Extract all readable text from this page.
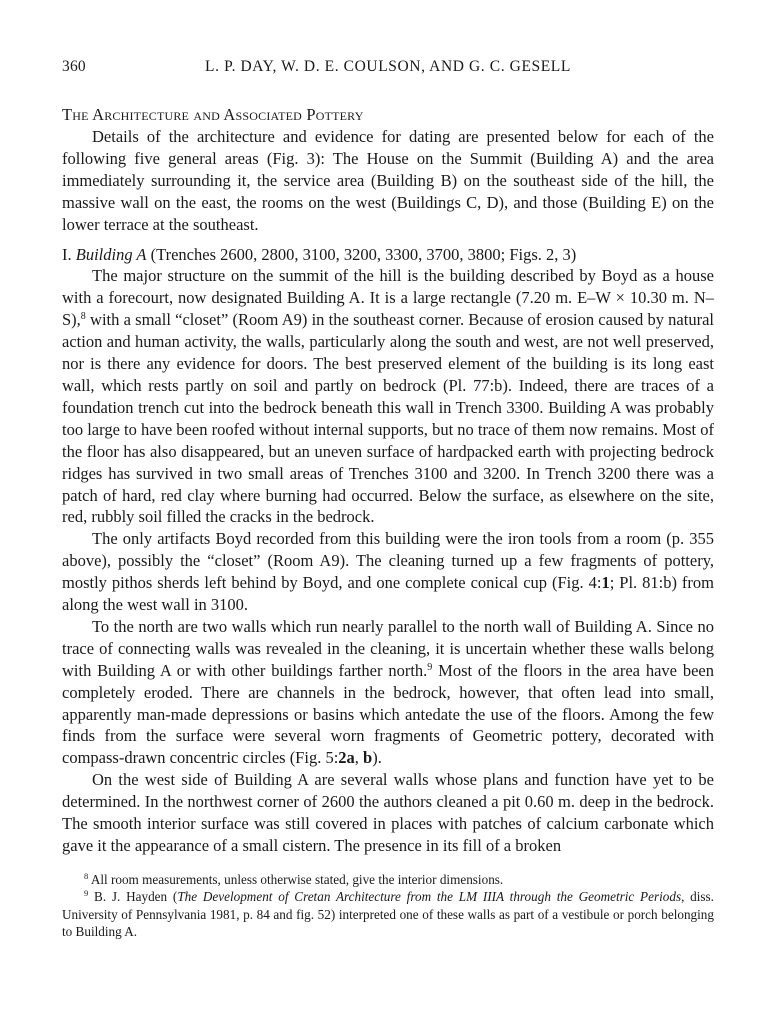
360	L. P. DAY, W. D. E. COULSON, AND G. C. GESELL
The Architecture and Associated Pottery

Details of the architecture and evidence for dating are presented below for each of the following five general areas (Fig. 3): The House on the Summit (Building A) and the area immediately surrounding it, the service area (Building B) on the southeast side of the hill, the massive wall on the east, the rooms on the west (Buildings C, D), and those (Building E) on the lower terrace at the southeast.

I. Building A (Trenches 2600, 2800, 3100, 3200, 3300, 3700, 3800; Figs. 2, 3)

The major structure on the summit of the hill is the building described by Boyd as a house with a forecourt, now designated Building A. It is a large rectangle (7.20 m. E–W × 10.30 m. N–S),$^8$ with a small “closet” (Room A9) in the southeast corner. Because of erosion caused by natural action and human activity, the walls, particularly along the south and west, are not well preserved, nor is there any evidence for doors. The best preserved element of the building is its long east wall, which rests partly on soil and partly on bedrock (Pl. 77:b). Indeed, there are traces of a foundation trench cut into the bedrock beneath this wall in Trench 3300. Building A was probably too large to have been roofed without internal supports, but no trace of them now remains. Most of the floor has also disappeared, but an uneven surface of hardpacked earth with projecting bedrock ridges has survived in two small areas of Trenches 3100 and 3200. In Trench 3200 there was a patch of hard, red clay where burning had occurred. Below the surface, as elsewhere on the site, red, rubbly soil filled the cracks in the bedrock.

The only artifacts Boyd recorded from this building were the iron tools from a room (p. 355 above), possibly the “closet” (Room A9). The cleaning turned up a few fragments of pottery, mostly pithos sherds left behind by Boyd, and one complete conical cup (Fig. 4:1; Pl. 81:b) from along the west wall in 3100.

To the north are two walls which run nearly parallel to the north wall of Building A. Since no trace of connecting walls was revealed in the cleaning, it is uncertain whether these walls belong with Building A or with other buildings farther north.$^9$ Most of the floors in the area have been completely eroded. There are channels in the bedrock, however, that often lead into small, apparently man-made depressions or basins which antedate the use of the floors. Among the few finds from the surface were several worn fragments of Geometric pottery, decorated with compass-drawn concentric circles (Fig. 5:2a, b).

On the west side of Building A are several walls whose plans and function have yet to be determined. In the northwest corner of 2600 the authors cleaned a pit 0.60 m. deep in the bedrock. The smooth interior surface was still covered in places with patches of calcium carbonate which gave it the appearance of a small cistern. The presence in its fill of a broken

$^8$ All room measurements, unless otherwise stated, give the interior dimensions.

$^9$ B. J. Hayden (The Development of Cretan Architecture from the LM IIIA through the Geometric Periods, diss. University of Pennsylvania 1981, p. 84 and fig. 52) interpreted one of these walls as part of a vestibule or porch belonging to Building A.
